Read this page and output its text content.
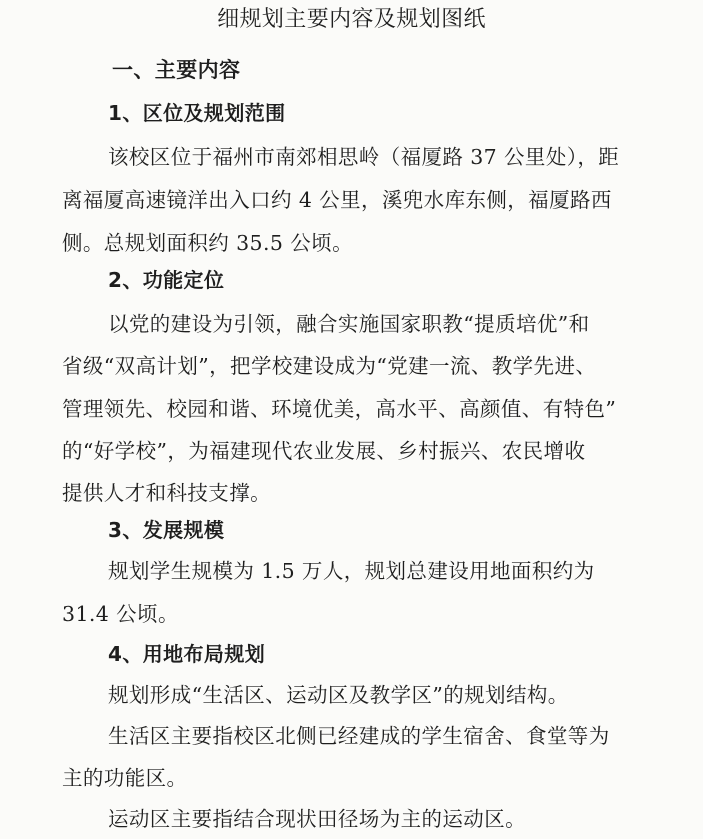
细规划主要内容及规划图纸
一、主要内容
1、区位及规划范围
该校区位于福州市南郊相思岭（福厦路 37 公里处），距
离福厦高速镜洋出入口约 4 公里，溪兜水库东侧，福厦路西
侧。总规划面积约 35.5 公顷。
2、功能定位
以党的建设为引领，融合实施国家职教“提质培优”和
省级“双高计划”，把学校建设成为“党建一流、教学先进、
管理领先、校园和谐、环境优美，高水平、高颜值、有特色”
的“好学校”，为福建现代农业发展、乡村振兴、农民增收
提供人才和科技支撑。
3、发展规模
规划学生规模为 1.5 万人，规划总建设用地面积约为
31.4 公顷。
4、用地布局规划
规划形成“生活区、运动区及教学区”的规划结构。
生活区主要指校区北侧已经建成的学生宿舍、食堂等为
主的功能区。
运动区主要指结合现状田径场为主的运动区。
